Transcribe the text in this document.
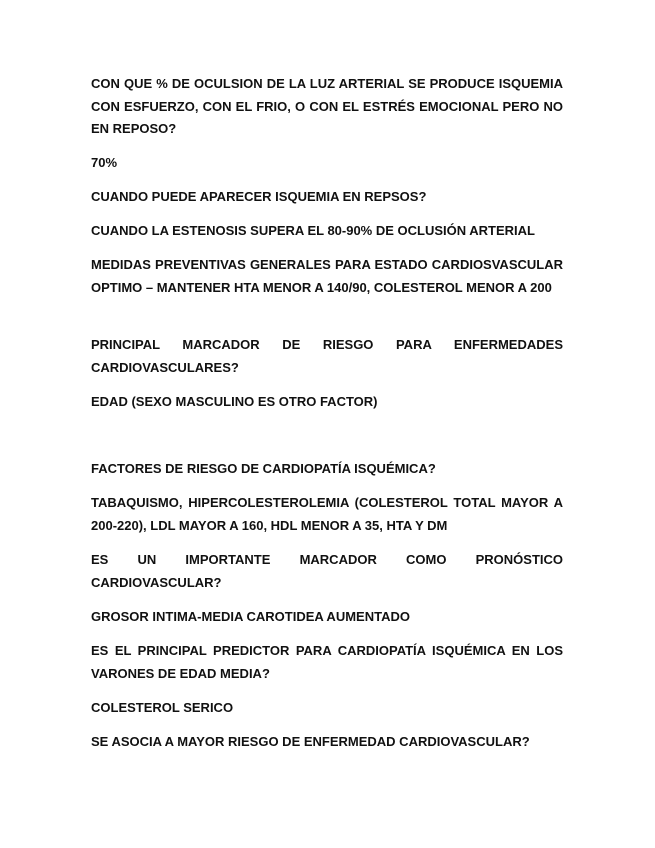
CON QUE % DE OCULSION DE LA LUZ ARTERIAL SE PRODUCE ISQUEMIA CON ESFUERZO, CON EL FRIO, O CON EL ESTRÉS EMOCIONAL PERO NO EN REPOSO?

70%

CUANDO PUEDE APARECER ISQUEMIA EN REPSOS?

CUANDO LA ESTENOSIS SUPERA EL 80-90% DE OCLUSIÓN ARTERIAL

MEDIDAS PREVENTIVAS GENERALES PARA ESTADO CARDIOSVASCULAR OPTIMO – MANTENER HTA MENOR A 140/90, COLESTEROL MENOR A 200

PRINCIPAL MARCADOR DE RIESGO PARA ENFERMEDADES CARDIOVASCULARES?

EDAD (SEXO MASCULINO ES OTRO FACTOR)

FACTORES DE RIESGO DE CARDIOPATÍA ISQUÉMICA?

TABAQUISMO, HIPERCOLESTEROLEMIA (COLESTEROL TOTAL MAYOR A 200-220), LDL MAYOR A 160, HDL MENOR A 35, HTA Y DM

ES UN IMPORTANTE MARCADOR COMO PRONÓSTICO CARDIOVASCULAR?

GROSOR INTIMA-MEDIA CAROTIDEA AUMENTADO

ES EL PRINCIPAL PREDICTOR PARA CARDIOPATÍA ISQUÉMICA EN LOS VARONES DE EDAD MEDIA?

COLESTEROL SERICO

SE ASOCIA A MAYOR RIESGO DE ENFERMEDAD CARDIOVASCULAR?
